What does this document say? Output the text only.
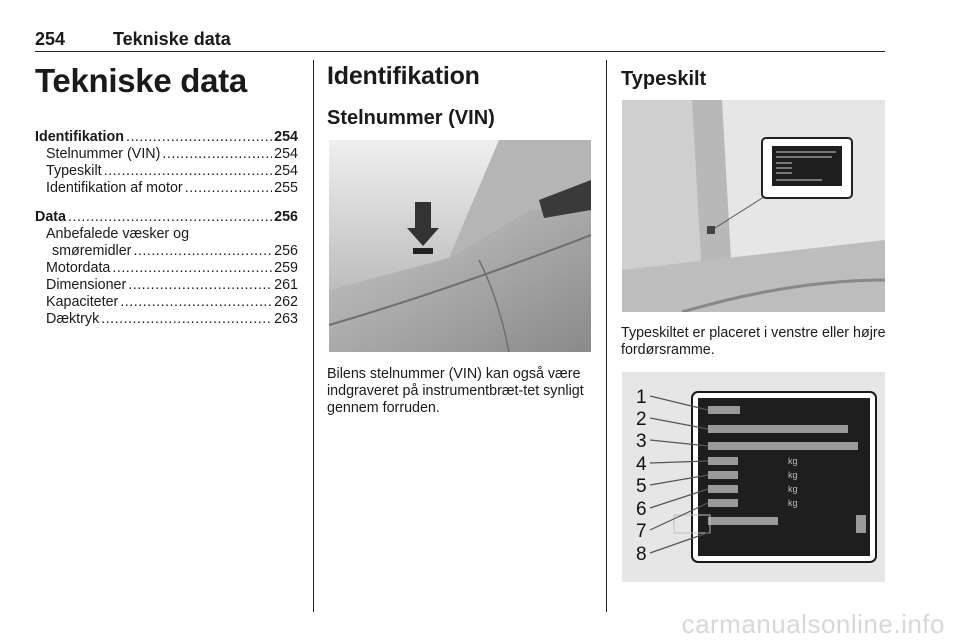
254	Tekniske data
Tekniske data
Identifikation .....	254
Stelnummer (VIN) .....	254
Typeskilt .....	254
Identifikation af motor .....	255
Data .....	256
Anbefalede væsker og
smøremidler .....	256
Motordata .....	259
Dimensioner .....	261
Kapaciteter .....	262
Dæktryk .....	263
Identifikation
Stelnummer (VIN)
Bilens stelnummer (VIN) kan også være indgraveret på instrumentbræt-tet synligt gennem forruden.
Typeskilt
Typeskiltet er placeret i venstre eller højre fordørsramme.
kg
kg
kg
kg
1
2
3
4
5
6
7
8
carmanualsonline.info
